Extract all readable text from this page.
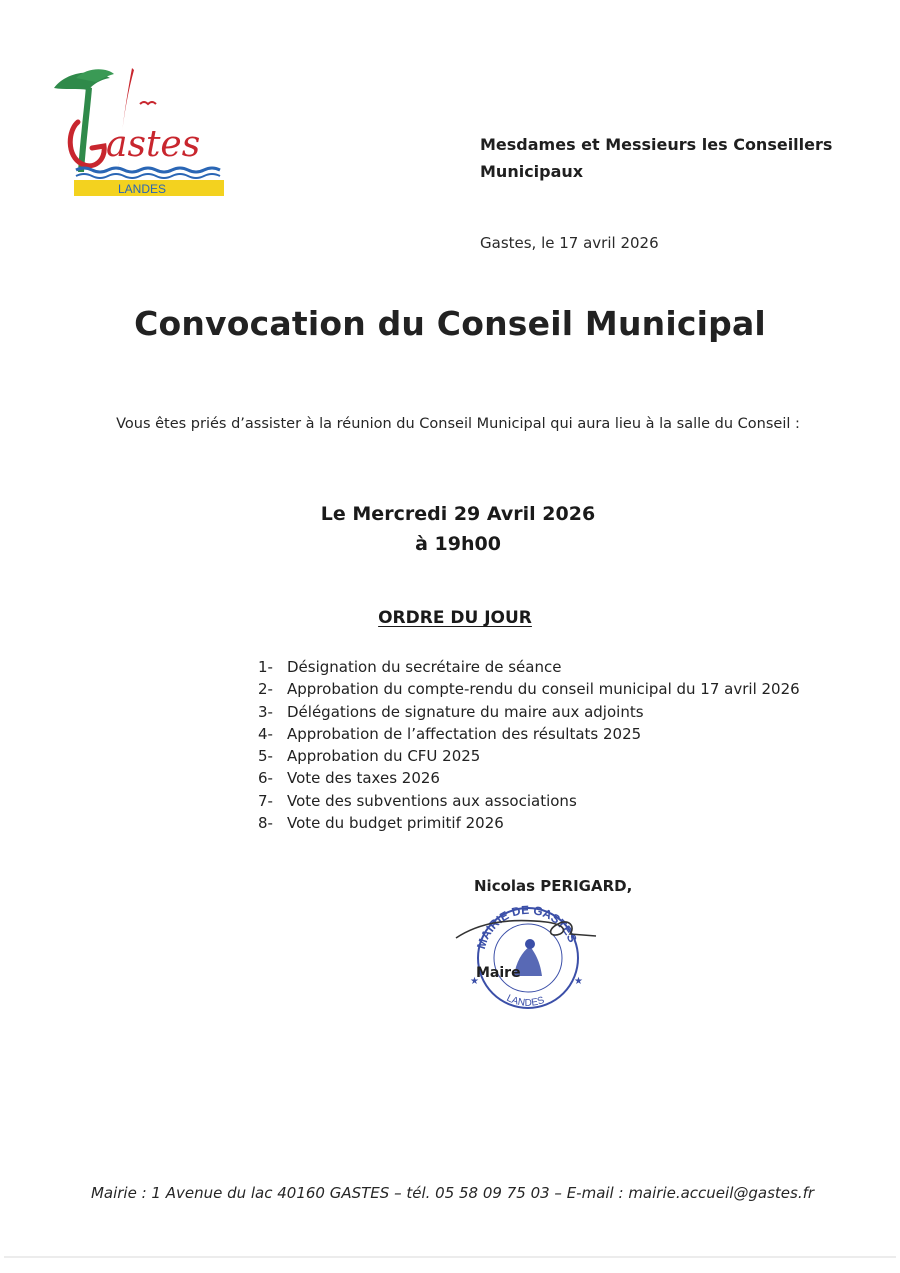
astes
LANDES
Mesdames et Messieurs les Conseillers
Municipaux
Gastes, le 17 avril 2026
Convocation du Conseil Municipal
Vous êtes priés d’assister à la réunion du Conseil Municipal qui aura lieu à la salle du Conseil :
Le Mercredi 29 Avril 2026
à 19h00
ORDRE DU JOUR
1- Désignation du secrétaire de séance
2- Approbation du compte-rendu du conseil municipal du 17 avril 2026
3- Délégations de signature du maire aux adjoints
4- Approbation de l’affectation des résultats 2025
5- Approbation du CFU 2025
6- Vote des taxes 2026
7- Vote des subventions aux associations
8- Vote du budget primitif 2026
Nicolas PERIGARD,
MAIRIE DE GASTES
LANDES
★	★
Maire
Mairie : 1 Avenue du lac 40160 GASTES – tél. 05 58 09 75 03 – E-mail : mairie.accueil@gastes.fr
